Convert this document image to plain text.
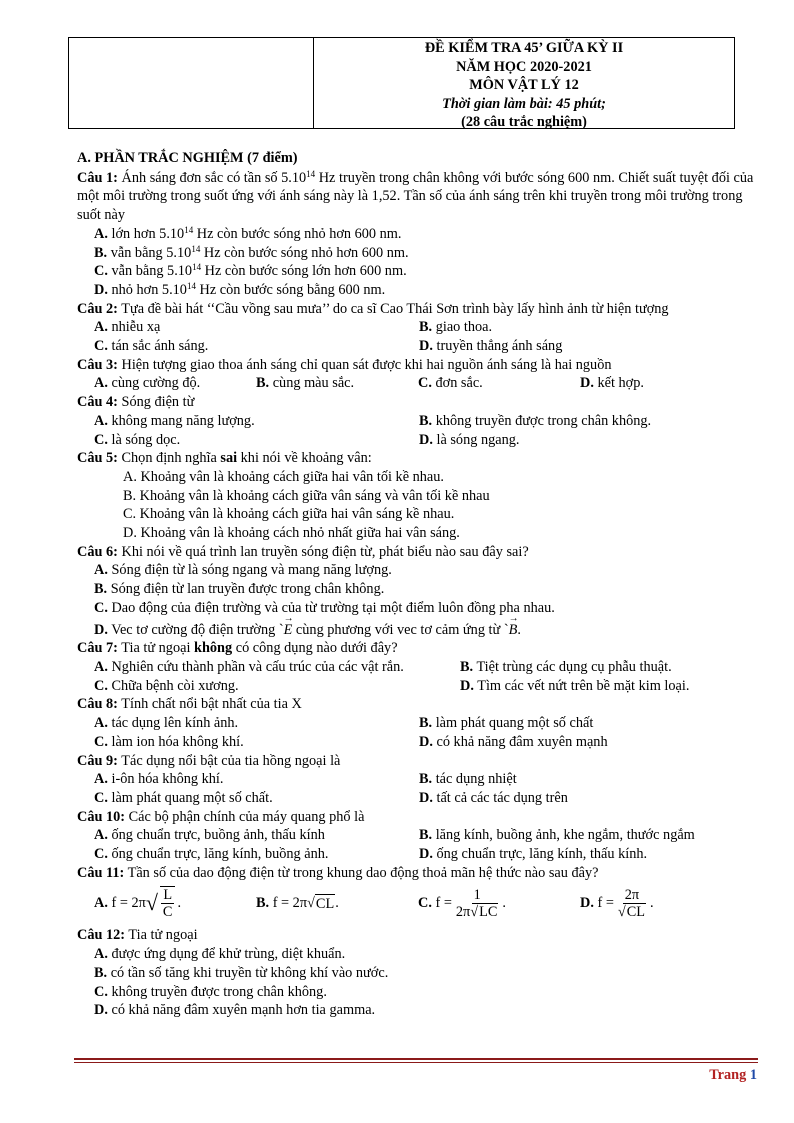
ĐỀ KIỂM TRA 45’ GIỮA KỲ II
NĂM HỌC 2020-2021
MÔN VẬT LÝ 12
Thời gian làm bài: 45 phút;
(28 câu trắc nghiệm)

A. PHẦN TRẮC NGHIỆM (7 điểm)

Câu 1: Ánh sáng đơn sắc có tần số 5.10$^{14}$ Hz truyền trong chân không với bước sóng 600 nm. Chiết suất tuyệt đối của một môi trường trong suốt ứng với ánh sáng này là 1,52. Tần số của ánh sáng trên khi truyền trong môi trường trong suốt này

A. lớn hơn 5.10$^{14}$ Hz còn bước sóng nhỏ hơn 600 nm.

B. vẫn bằng 5.10$^{14}$ Hz còn bước sóng nhỏ hơn 600 nm.

C. vẫn bằng 5.10$^{14}$ Hz còn bước sóng lớn hơn 600 nm.

D. nhỏ hơn 5.10$^{14}$ Hz còn bước sóng bằng 600 nm.

Câu 2: Tựa đề bài hát ‘‘Cầu vồng sau mưa’’ do ca sĩ Cao Thái Sơn trình bày lấy hình ảnh từ hiện tượng

A. nhiễu xạ	B. giao thoa.
C. tán sắc ánh sáng.	D. truyền thẳng ánh sáng

Câu 3: Hiện tượng giao thoa ánh sáng chỉ quan sát được khi hai nguồn ánh sáng là hai nguồn

A. cùng cường độ.	B. cùng màu sắc.	C. đơn sắc.	D. kết hợp.

Câu 4: Sóng điện từ

A. không mang năng lượng.	B. không truyền được trong chân không.
C. là sóng dọc.	D. là sóng ngang.

Câu 5: Chọn định nghĩa sai khi nói về khoảng vân:

A. Khoảng vân là khoảng cách giữa hai vân tối kề nhau.

B. Khoảng vân là khoảng cách giữa vân sáng và vân tối kề nhau

C. Khoảng vân là khoảng cách giữa hai vân sáng kề nhau.

D. Khoảng vân là khoảng cách nhỏ nhất giữa hai vân sáng.

Câu 6: Khi nói về quá trình lan truyền sóng điện từ, phát biểu nào sau đây sai?

A. Sóng điện từ là sóng ngang và mang năng lượng.

B. Sóng điện từ lan truyền được trong chân không.

C. Dao động của điện trường và của từ trường tại một điểm luôn đồng pha nhau.

D. Vec tơ cường độ điện trường `→ E cùng phương với vec tơ cảm ứng từ `→ B.

Câu 7: Tia tử ngoại không có công dụng nào dưới đây?

A. Nghiên cứu thành phần và cấu trúc của các vật rắn.	B. Tiệt trùng các dụng cụ phẫu thuật.
C. Chữa bệnh còi xương.	D. Tìm các vết nứt trên bề mặt kim loại.

Câu 8: Tính chất nổi bật nhất của tia X

A. tác dụng lên kính ảnh.	B. làm phát quang một số chất
C. làm ion hóa không khí.	D. có khả năng đâm xuyên mạnh

Câu 9: Tác dụng nổi bật của tia hồng ngoại là

A. i-ôn hóa không khí.	B. tác dụng nhiệt
C. làm phát quang một số chất.	D. tất cả các tác dụng trên

Câu 10: Các bộ phận chính của máy quang phổ là

A. ống chuẩn trực, buồng ảnh, thấu kính	B. lăng kính, buồng ảnh, khe ngắm, thước ngắm
C. ống chuẩn trực, lăng kính, buồng ảnh.	D. ống chuẩn trực, lăng kính, thấu kính.

Câu 11: Tần số của dao động điện từ trong khung dao động thoả mãn hệ thức nào sau đây?

A.
f = 2π √ $\frac{L}{C}$ .	B.
f = 2π √ CL .	C.
$f = \frac{1}{2\pi√LC}$ .	D.
$f = \frac{2\pi}{√CL}$ .

Câu 12: Tia tử ngoại

A. được ứng dụng để khử trùng, diệt khuẩn.

B. có tần số tăng khi truyền từ không khí vào nước.

C. không truyền được trong chân không.

D. có khả năng đâm xuyên mạnh hơn tia gamma.

Trang 1
